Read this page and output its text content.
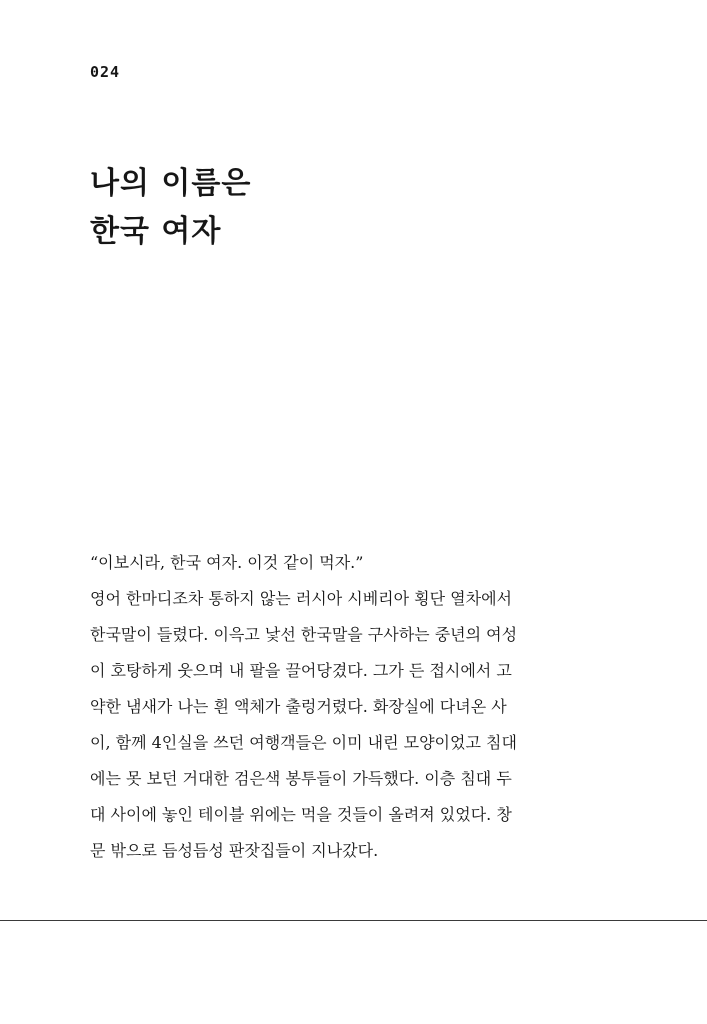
024
나의 이름은
한국 여자

“이보시라, 한국 여자. 이것 같이 먹자.”
영어 한마디조차 통하지 않는 러시아 시베리아 횡단 열차에서
한국말이 들렸다. 이윽고 낯선 한국말을 구사하는 중년의 여성
이 호탕하게 웃으며 내 팔을 끌어당겼다. 그가 든 접시에서 고
약한 냄새가 나는 흰 액체가 출렁거렸다. 화장실에 다녀온 사
이, 함께 4인실을 쓰던 여행객들은 이미 내린 모양이었고 침대
에는 못 보던 거대한 검은색 봉투들이 가득했다. 이층 침대 두
대 사이에 놓인 테이블 위에는 먹을 것들이 올려져 있었다. 창
문 밖으로 듬성듬성 판잣집들이 지나갔다.
